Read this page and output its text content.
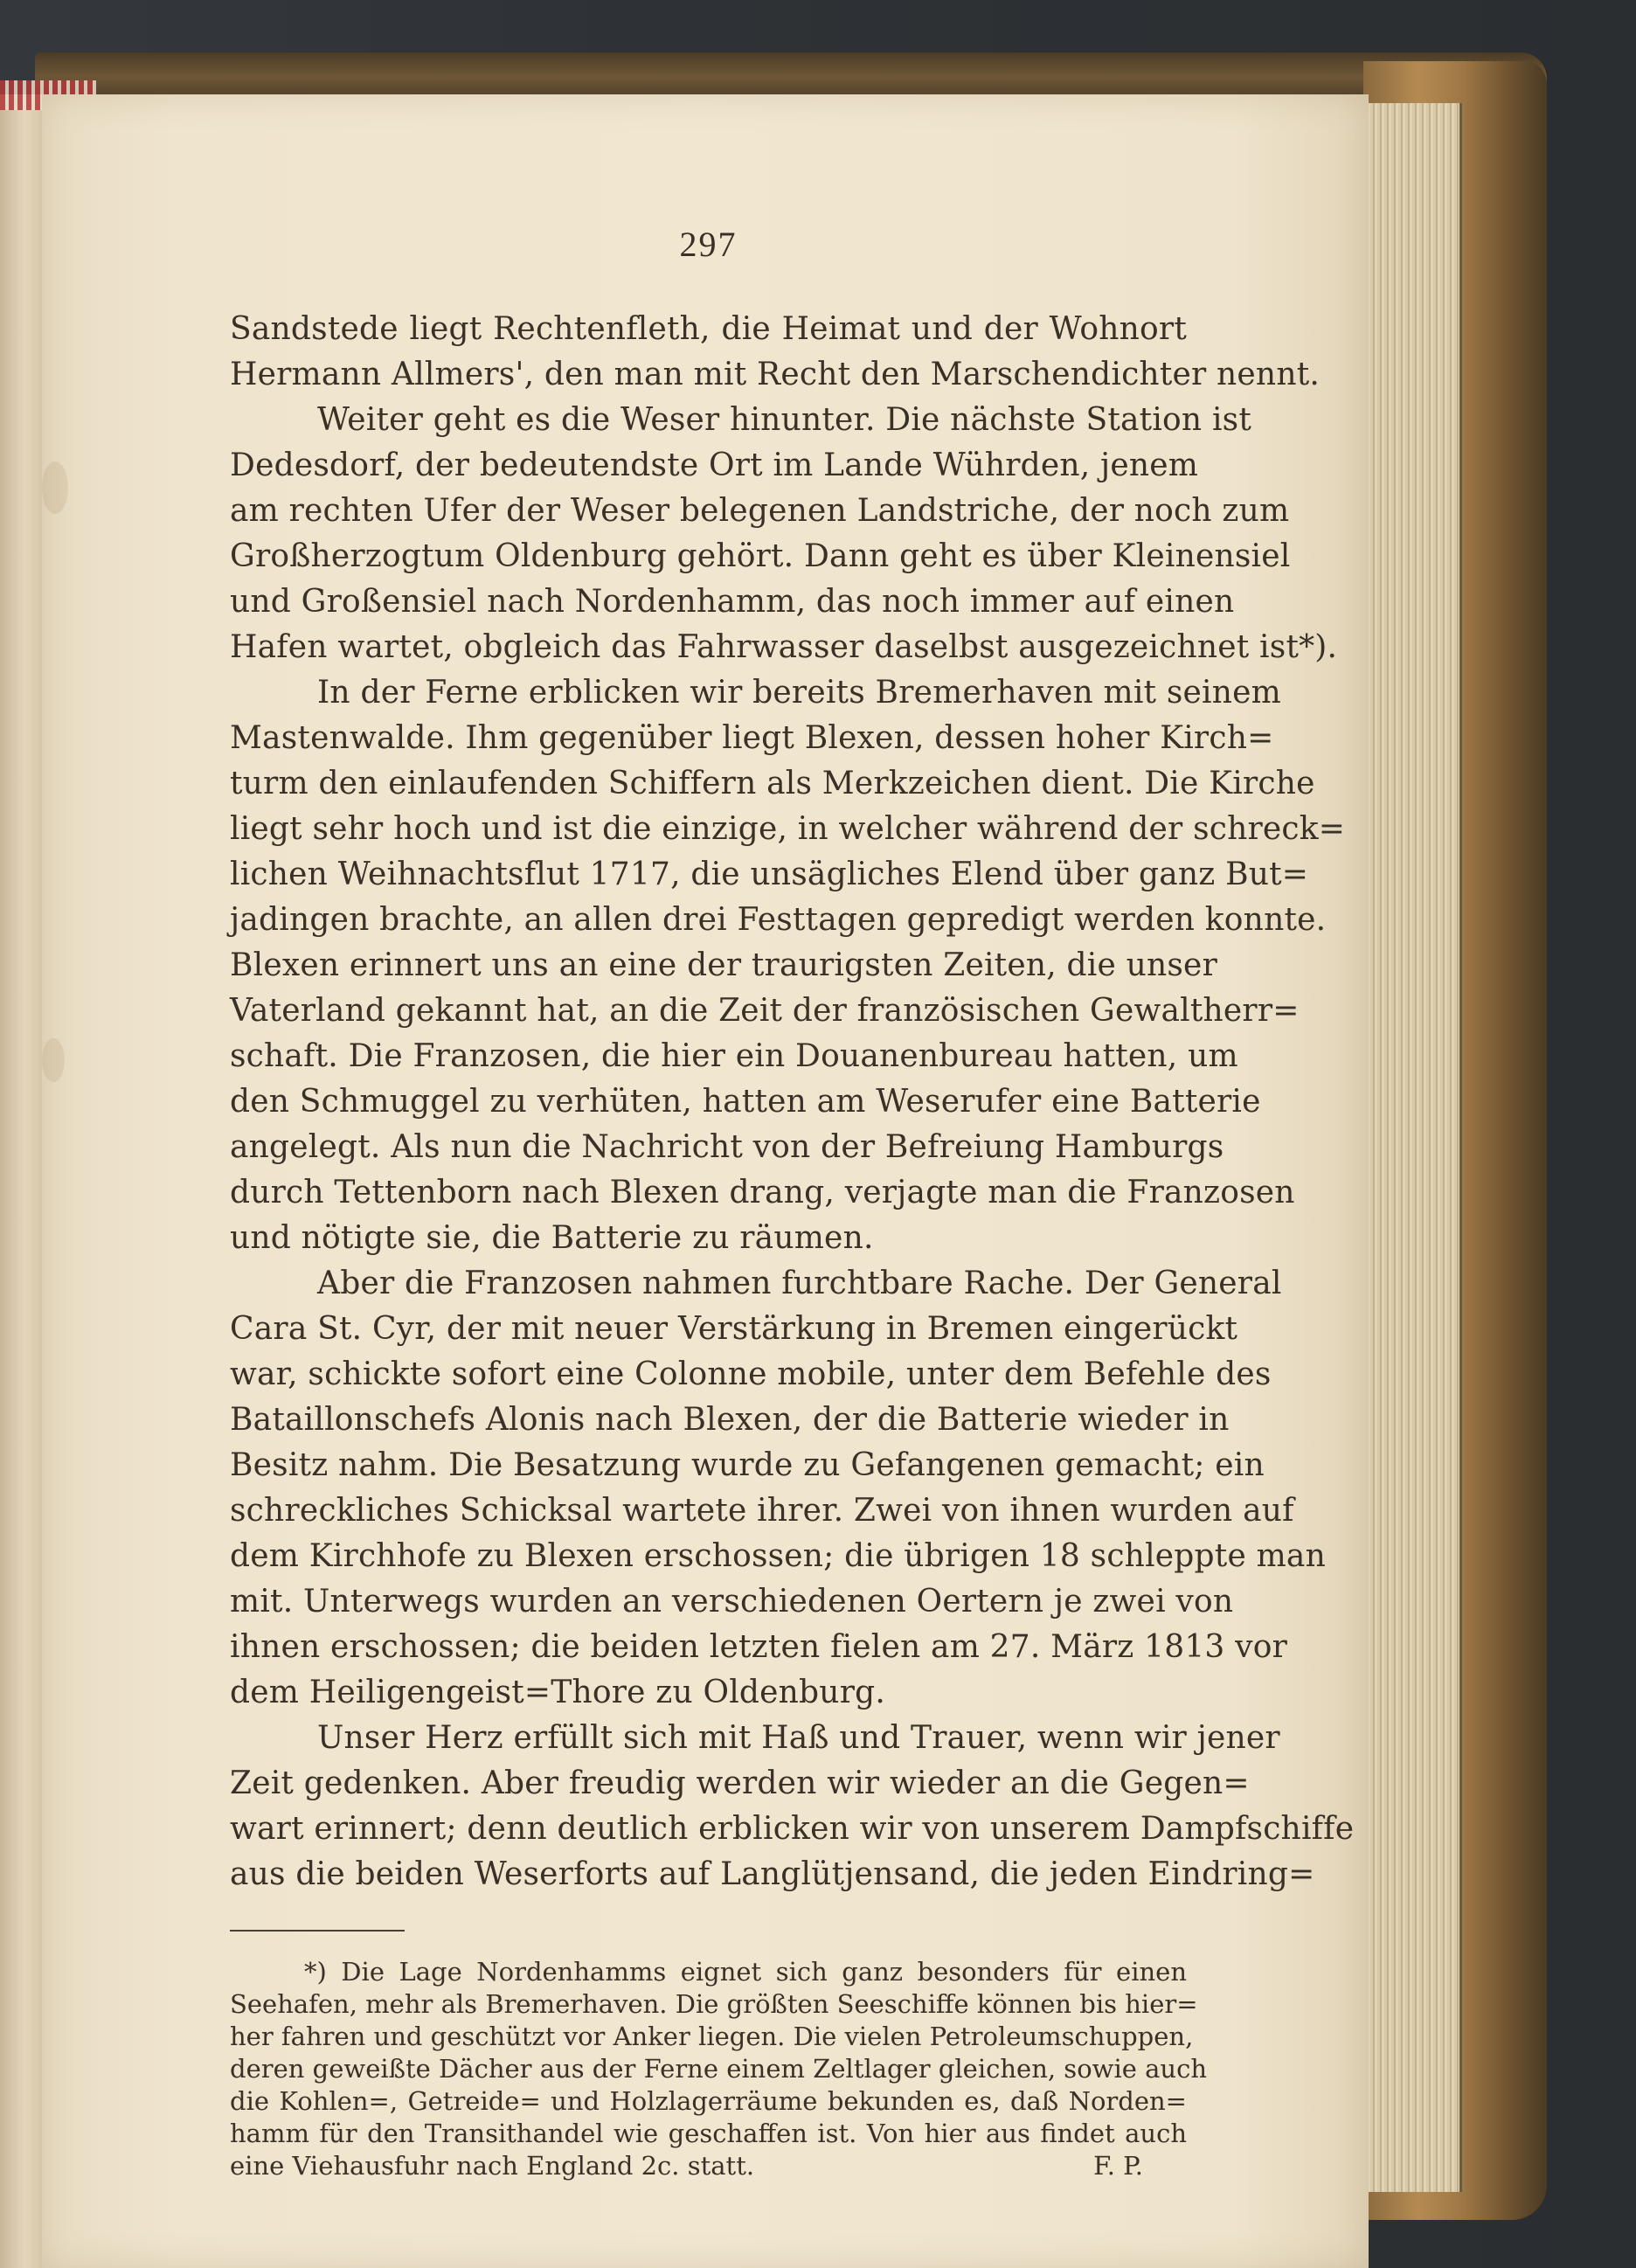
297
Sandstede liegt Rechtenfleth, die Heimat und der Wohnort
Hermann Allmers', den man mit Recht den Marschendichter nennt.
Weiter geht es die Weser hinunter. Die nächste Station ist
Dedesdorf, der bedeutendste Ort im Lande Wührden, jenem
am rechten Ufer der Weser belegenen Landstriche, der noch zum
Großherzogtum Oldenburg gehört. Dann geht es über Kleinensiel
und Großensiel nach Nordenhamm, das noch immer auf einen
Hafen wartet, obgleich das Fahrwasser daselbst ausgezeichnet ist*).
In der Ferne erblicken wir bereits Bremerhaven mit seinem
Mastenwalde. Ihm gegenüber liegt Blexen, dessen hoher Kirch=
turm den einlaufenden Schiffern als Merkzeichen dient. Die Kirche
liegt sehr hoch und ist die einzige, in welcher während der schreck=
lichen Weihnachtsflut 1717, die unsägliches Elend über ganz But=
jadingen brachte, an allen drei Festtagen gepredigt werden konnte.
Blexen erinnert uns an eine der traurigsten Zeiten, die unser
Vaterland gekannt hat, an die Zeit der französischen Gewaltherr=
schaft. Die Franzosen, die hier ein Douanenbureau hatten, um
den Schmuggel zu verhüten, hatten am Weserufer eine Batterie
angelegt. Als nun die Nachricht von der Befreiung Hamburgs
durch Tettenborn nach Blexen drang, verjagte man die Franzosen
und nötigte sie, die Batterie zu räumen.
Aber die Franzosen nahmen furchtbare Rache. Der General
Cara St. Cyr, der mit neuer Verstärkung in Bremen eingerückt
war, schickte sofort eine Colonne mobile, unter dem Befehle des
Bataillonschefs Alonis nach Blexen, der die Batterie wieder in
Besitz nahm. Die Besatzung wurde zu Gefangenen gemacht; ein
schreckliches Schicksal wartete ihrer. Zwei von ihnen wurden auf
dem Kirchhofe zu Blexen erschossen; die übrigen 18 schleppte man
mit. Unterwegs wurden an verschiedenen Oertern je zwei von
ihnen erschossen; die beiden letzten fielen am 27. März 1813 vor
dem Heiligengeist=Thore zu Oldenburg.
Unser Herz erfüllt sich mit Haß und Trauer, wenn wir jener
Zeit gedenken. Aber freudig werden wir wieder an die Gegen=
wart erinnert; denn deutlich erblicken wir von unserem Dampfschiffe
aus die beiden Weserforts auf Langlütjensand, die jeden Eindring=
*) Die Lage Nordenhamms eignet sich ganz besonders für einen
Seehafen, mehr als Bremerhaven. Die größten Seeschiffe können bis hier=
her fahren und geschützt vor Anker liegen. Die vielen Petroleumschuppen,
deren geweißte Dächer aus der Ferne einem Zeltlager gleichen, sowie auch
die Kohlen=, Getreide= und Holzlagerräume bekunden es, daß Norden=
hamm für den Transithandel wie geschaffen ist. Von hier aus findet auch
eine Viehausfuhr nach England 2c. statt.	F. P.
